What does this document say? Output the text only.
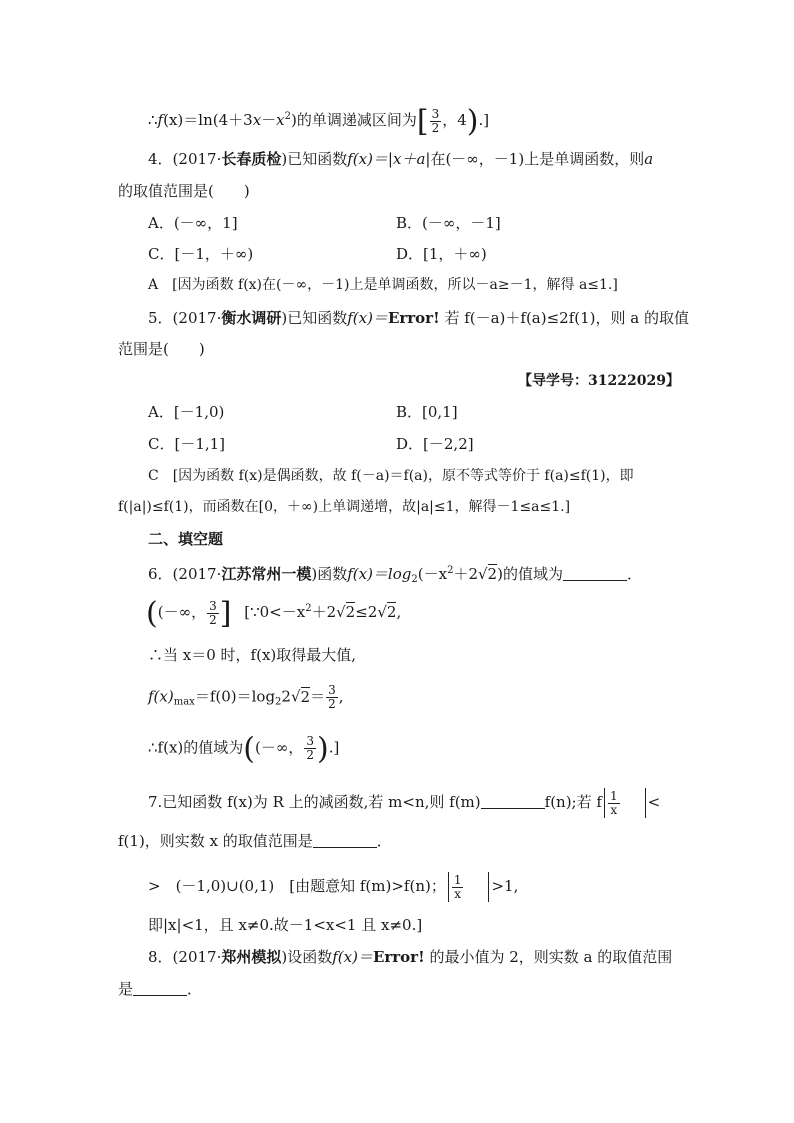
$\therefore f(x)=\ln(4+3x-x^2)$的单调递减区间为[ $\frac{3}{2}$ ，4).]
4．(2017·长春质检)已知函数f(x)＝|x＋a|在(－∞，－1)上是单调函数，则a
的取值范围是(　　)
A．(－∞，1]	B．(－∞，－1]
C．[－1，＋∞)	D．[1，＋∞)
A　[因为函数 f(x)在(－∞，－1)上是单调函数，所以－a≥－1，解得 a≤1.]
5．(2017·衡水调研)已知函数f(x)＝Error! 若 f(－a)＋f(a)≤2f(1)，则 a 的取值
范围是(　　)
【导学号：31222029】
A．[－1,0)	B．[0,1]
C．[－1,1]	D．[－2,2]
C　[因为函数 f(x)是偶函数，故 f(－a)＝f(a)，原不等式等价于 f(a)≤f(1)，即
f(|a|)≤f(1)，而函数在[0，＋∞)上单调递增，故|a|≤1，解得－1≤a≤1.]
二、填空题
6．(2017·江苏常州一模)函数$f(x)=\log_2(-x^2+2√2)$的值域为	．
((－∞， $\frac{3}{2}$ ] [$\because 0<-x^2+2√2\le 2√2$,
∴当 x＝0 时，f(x)取得最大值,
$f(x)_{max}=f(0)=\log_22√2= \frac{3}{2}$ ,
∴f(x)的值域为((－∞， $\frac{3}{2}$ ).]
7.已知函数 f(x)为 R 上的减函数,若 m<n,则 f(m)	f(n);若 f $\frac{1}{x}$ <
f(1)，则实数 x 的取值范围是	．
>　(－1,0)∪(0,1)　[由题意知 f(m)>f(n)； $\frac{1}{x} >1$,
即|x|<1，且 x≠0.故－1<x<1 且 x≠0.]
8．(2017·郑州模拟)设函数f(x)＝Error! 的最小值为 2，则实数 a 的取值范围
是	．
